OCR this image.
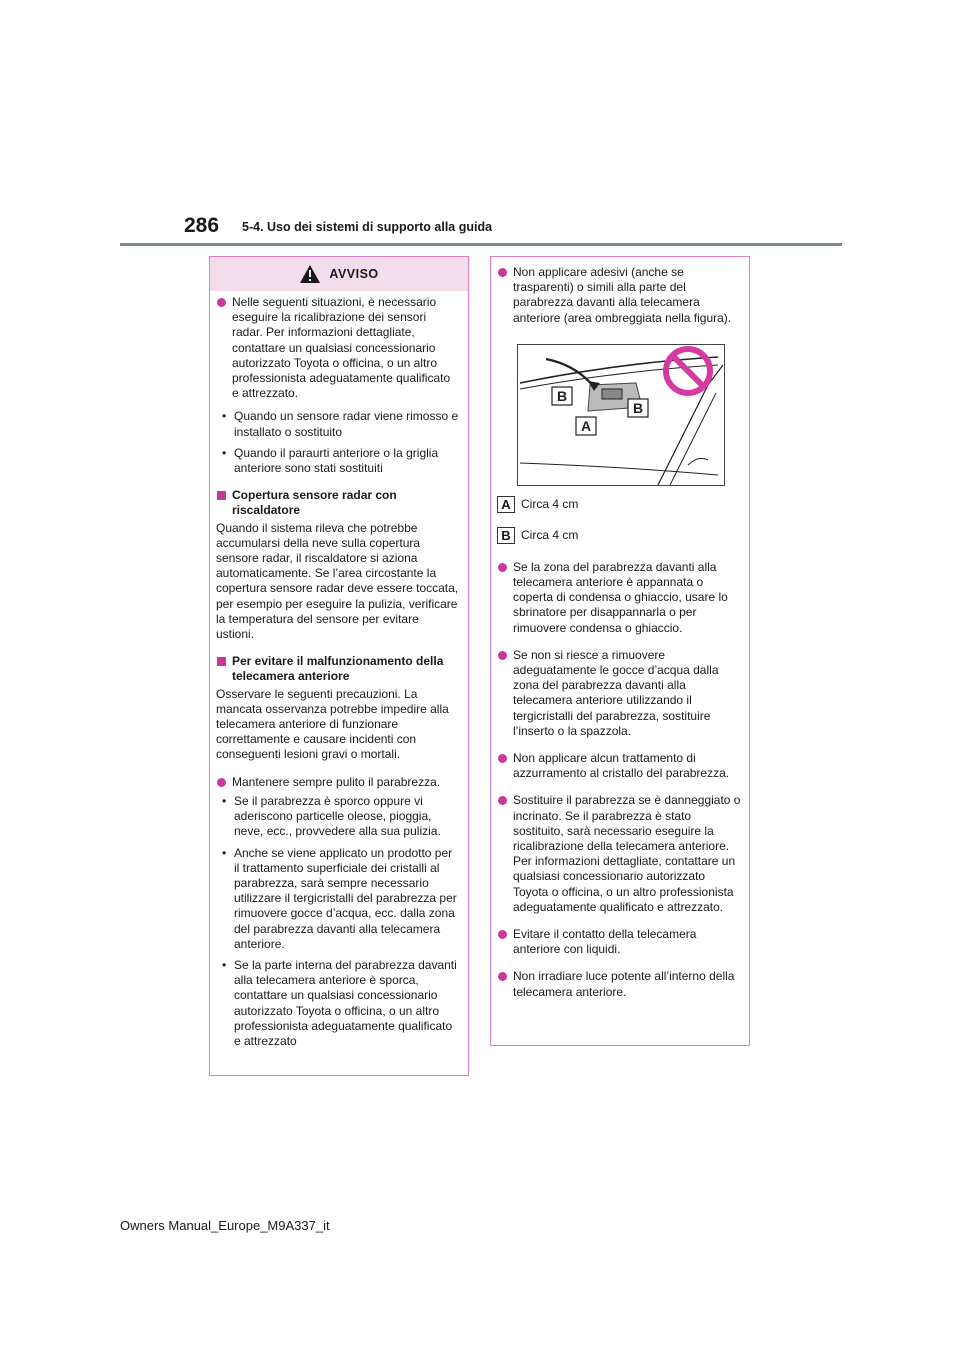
286 5-4. Uso dei sistemi di supporto alla guida
AVVISO
Nelle seguenti situazioni, è necessario eseguire la ricalibrazione dei sensori radar. Per informazioni dettagliate, contattare un qualsiasi concessionario autorizzato Toyota o officina, o un altro professionista adeguatamente qualificato e attrezzato.
• Quando un sensore radar viene rimosso e installato o sostituito
• Quando il paraurti anteriore o la griglia anteriore sono stati sostituiti
Copertura sensore radar con riscaldatore

Quando il sistema rileva che potrebbe accumularsi della neve sulla copertura sensore radar, il riscaldatore si aziona automaticamente. Se l’area circostante la copertura sensore radar deve essere toccata, per esempio per eseguire la pulizia, verificare la temperatura del sensore per evitare ustioni.

Per evitare il malfunzionamento della telecamera anteriore

Osservare le seguenti precauzioni. La mancata osservanza potrebbe impedire alla telecamera anteriore di funzionare correttamente e causare incidenti con conseguenti lesioni gravi o mortali.

Mantenere sempre pulito il parabrezza.
• Se il parabrezza è sporco oppure vi aderiscono particelle oleose, pioggia, neve, ecc., provvedere alla sua pulizia.
• Anche se viene applicato un prodotto per il trattamento superficiale dei cristalli al parabrezza, sarà sempre necessario utilizzare il tergicristalli del parabrezza per rimuovere gocce d’acqua, ecc. dalla zona del parabrezza davanti alla telecamera anteriore.
• Se la parte interna del parabrezza davanti alla telecamera anteriore è sporca, contattare un qualsiasi concessionario autorizzato Toyota o officina, o un altro professionista adeguatamente qualificato e attrezzato
Non applicare adesivi (anche se trasparenti) o simili alla parte del parabrezza davanti alla telecamera anteriore (area ombreggiata nella figura).
B
B
A
A Circa 4 cm
B Circa 4 cm
Se la zona del parabrezza davanti alla telecamera anteriore è appannata o coperta di condensa o ghiaccio, usare lo sbrinatore per disappannarla o per rimuovere condensa o ghiaccio.
Se non si riesce a rimuovere adeguatamente le gocce d’acqua dalla zona del parabrezza davanti alla telecamera anteriore utilizzando il tergicristalli del parabrezza, sostituire l’inserto o la spazzola.
Non applicare alcun trattamento di azzurramento al cristallo del parabrezza.
Sostituire il parabrezza se è danneggiato o incrinato. Se il parabrezza è stato sostituito, sarà necessario eseguire la ricalibrazione della telecamera anteriore. Per informazioni dettagliate, contattare un qualsiasi concessionario autorizzato Toyota o officina, o un altro professionista adeguatamente qualificato e attrezzato.
Evitare il contatto della telecamera anteriore con liquidi.
Non irradiare luce potente all’interno della telecamera anteriore.
Owners Manual_Europe_M9A337_it
